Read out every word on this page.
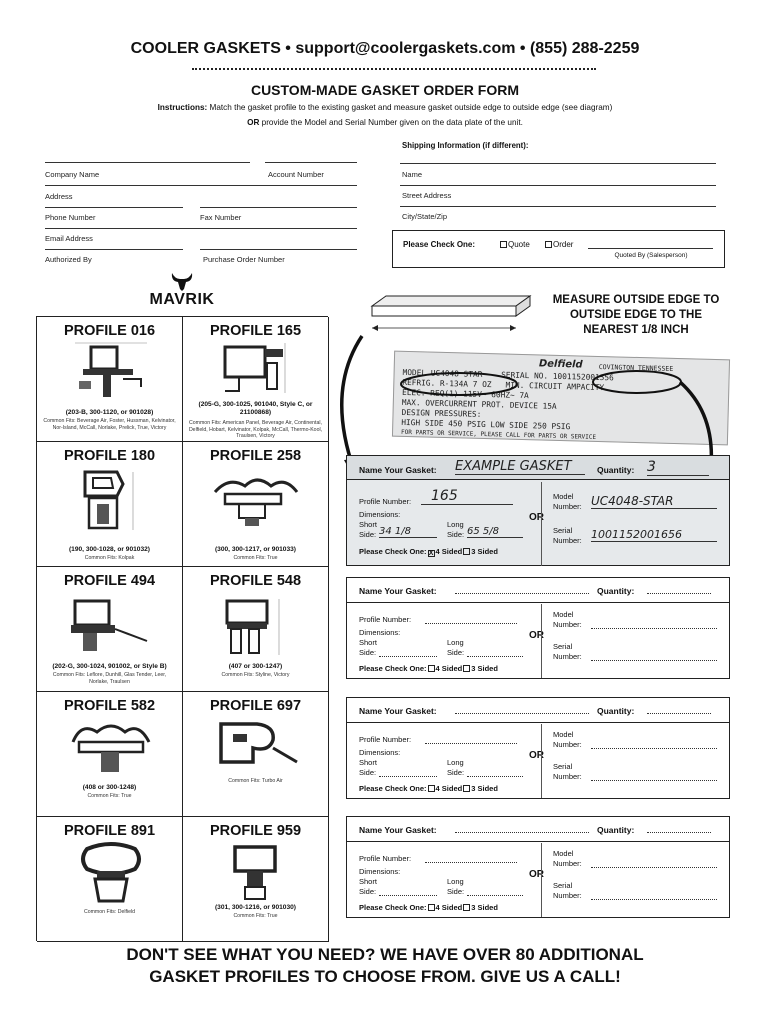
COOLER GASKETS • support@coolergaskets.com • (855) 288-2259
CUSTOM-MADE GASKET ORDER FORM
Instructions: Match the gasket profile to the existing gasket and measure gasket outside edge to outside edge (see diagram)
OR provide the Model and Serial Number given on the data plate of the unit.
Company Name	Account Number
Address
Phone Number	Fax Number
Email Address
Authorized By	Purchase Order Number
Shipping Information (if different):
Name
Street Address
City/State/Zip
Please Check One:	Quote	Order
Quoted By (Salesperson)
MAVRIK
PROFILE 016
(203-B, 300-1120, or 901028)
Common Fits: Beverage Air, Foster, Hussman, Kelvinator, Nor-Island, McCall, Norlake, Prelick, True, Victory
PROFILE 165
(205-G, 300-1025, 901040, Style C, or 21100868)
Common Fits: American Panel, Beverage Air, Continental, Delfield, Hobart, Kelvinator, Kolpak, McCall, Thermo-Kool, Traulsen, Victory
PROFILE 180
(190, 300-1028, or 901032)
Common Fits: Kolpak
PROFILE 258
(300, 300-1217, or 901033)
Common Fits: True
PROFILE 494
(202-G, 300-1024, 901002, or Style B)
Common Fits: Leflore, Dunhill, Glas Tender, Leer, Norlake, Traulsen
PROFILE 548
(407 or 300-1247)
Common Fits: Styline, Victory
PROFILE 582
(408 or 300-1248)
Common Fits: True
PROFILE 697
Common Fits: Turbo Air
PROFILE 891
Common Fits: Delfield
PROFILE 959
(301, 300-1216, or 901030)
Common Fits: True
MEASURE OUTSIDE EDGE TO OUTSIDE EDGE TO THE NEAREST 1/8 INCH
Delfield COVINGTON TENNESSEE
MODEL UC4048 STAR SERIAL NO. 1001152001556
REFRIG. R-134A 7 OZ MIN. CIRCUIT AMPACITY
ELEC. REQ(1) 115V~ 60HZ~ 7A
MAX. OVERCURRENT PROT. DEVICE 15A
DESIGN PRESSURES:
HIGH SIDE 450 PSIG LOW SIDE 250 PSIG
FOR PARTS OR SERVICE, PLEASE CALL FOR PARTS OR SERVICE
Name Your Gasket: EXAMPLE GASKET	Quantity: 3
Profile Number:	165
Dimensions:
Short
Side: 34 1/8
Long
Side: 65 5/8
Please Check One: X 4 Sided 3 Sided
OR
Model
Number: UC4048-STAR
Serial
Number: 1001152001656
Name Your Gasket:	Quantity:
Profile Number:
Dimensions:
Short
Side:
Long
Side:
Please Check One: 4 Sided 3 Sided
OR
Model
Number:
Serial
Number:
Name Your Gasket:	Quantity:
Profile Number:
Dimensions:
Short
Side:
Long
Side:
Please Check One: 4 Sided 3 Sided
OR
Model
Number:
Serial
Number:
Name Your Gasket:	Quantity:
Profile Number:
Dimensions:
Short
Side:
Long
Side:
Please Check One: 4 Sided 3 Sided
OR
Model
Number:
Serial
Number:
DON'T SEE WHAT YOU NEED? WE HAVE OVER 80 ADDITIONAL GASKET PROFILES TO CHOOSE FROM. GIVE US A CALL!
